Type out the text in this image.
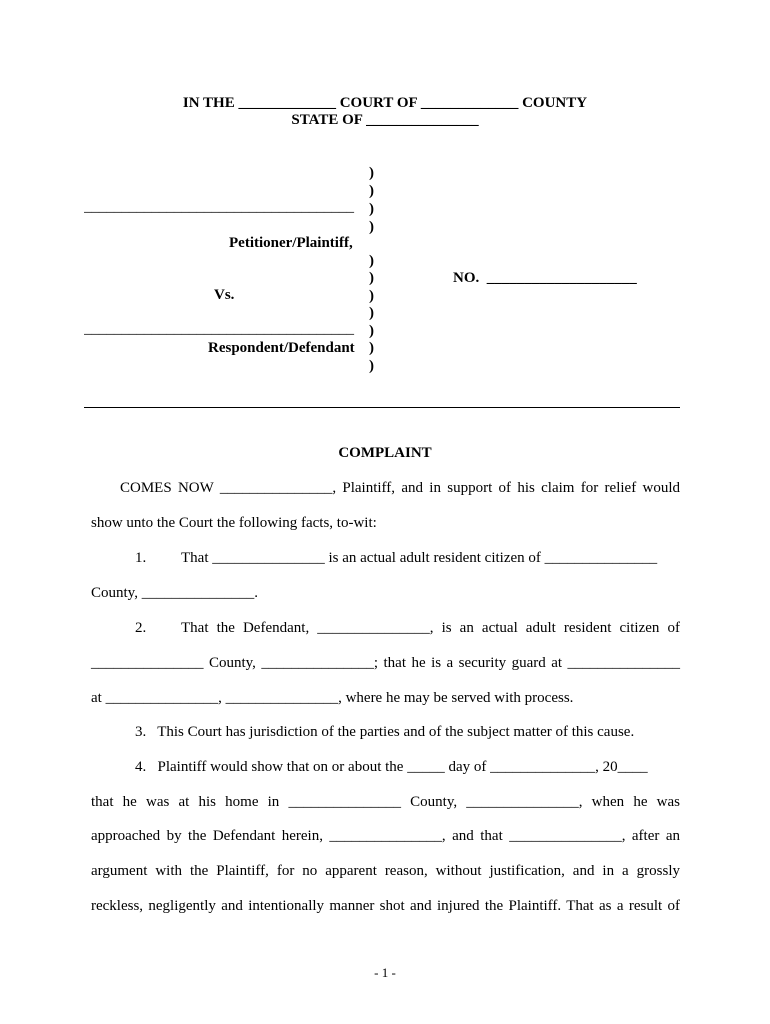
IN THE _____________ COURT OF _____________ COUNTY
STATE OF _______________
)
)
)
)
)
)
)
)
)
)
)
____________________________________
Petitioner/Plaintiff,
Vs.
NO.  ____________________
____________________________________
Respondent/Defendant
COMPLAINT
COMES NOW _______________, Plaintiff, and in support of his claim for relief would
show unto the Court the following facts, to-wit:
1. That _______________ is an actual adult resident citizen of _______________
County, _______________.
2. That the Defendant, _______________, is an actual adult resident citizen of
_______________ County, _______________; that he is a security guard at _______________
at _______________, _______________, where he may be served with process.
3.   This Court has jurisdiction of the parties and of the subject matter of this cause.
4.   Plaintiff would show that on or about the _____ day of ______________, 20____
that he was at his home in _______________ County, _______________, when he was
approached by the Defendant herein, _______________, and that _______________, after an
argument with the Plaintiff, for no apparent reason, without justification, and in a grossly
reckless, negligently and intentionally manner shot and injured the Plaintiff. That as a result of
- 1 -
